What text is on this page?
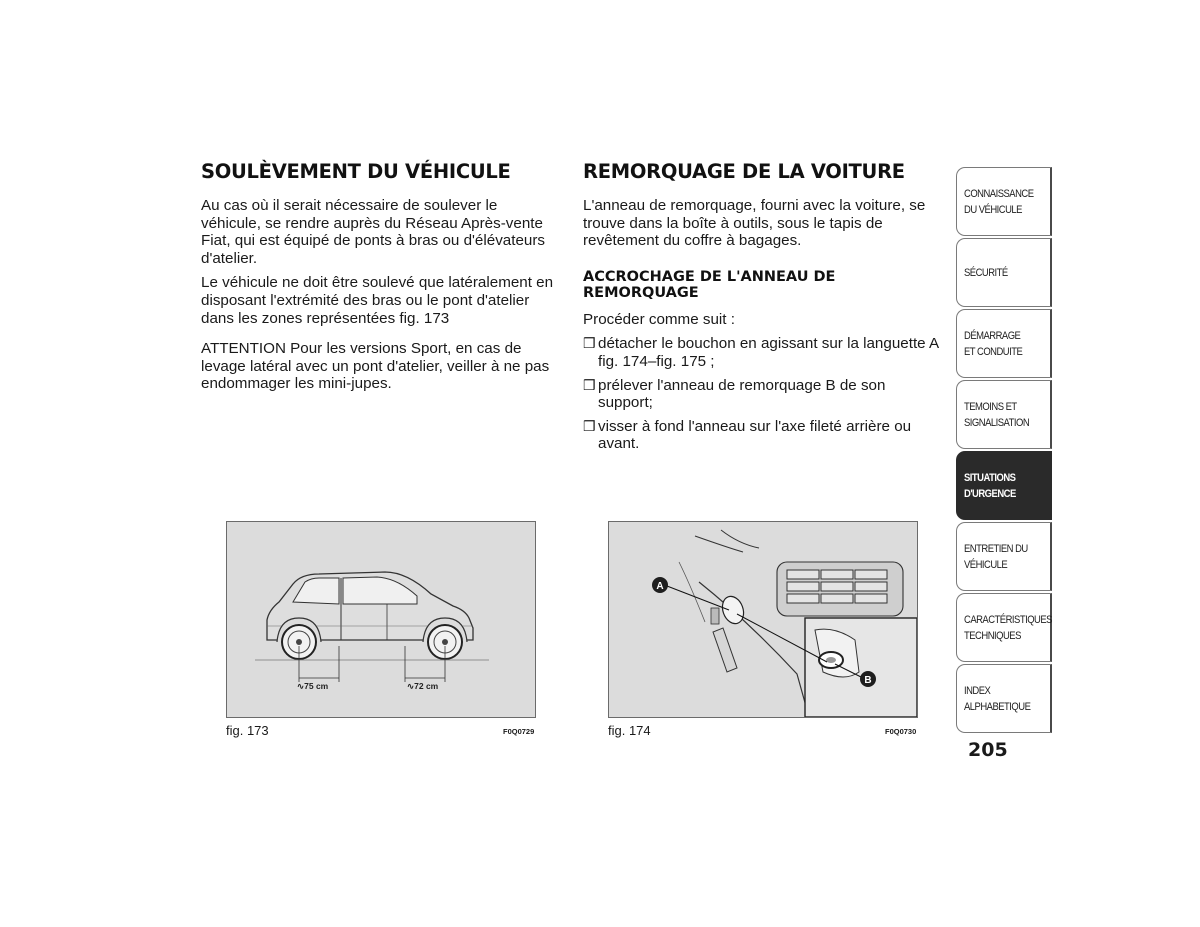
SOULÈVEMENT DU VÉHICULE

Au cas où il serait nécessaire de soulever le véhicule, se rendre auprès du Réseau Après-vente Fiat, qui est équipé de ponts à bras ou d'élévateurs d'atelier.

Le véhicule ne doit être soulevé que latéralement en disposant l'extrémité des bras ou le pont d'atelier dans les zones représentées fig. 173

ATTENTION Pour les versions Sport, en cas de levage latéral avec un pont d'atelier, veiller à ne pas endommager les mini-jupes.

REMORQUAGE DE LA VOITURE

L'anneau de remorquage, fourni avec la voiture, se trouve dans la boîte à outils, sous le tapis de revêtement du coffre à bagages.

ACCROCHAGE DE L'ANNEAU DE REMORQUAGE

Procéder comme suit :

❒ détacher le bouchon en agissant sur la languette A fig. 174–fig. 175 ;
❒ prélever l'anneau de remorquage B de son support;
❒ visser à fond l'anneau sur l'axe fileté arrière ou avant.
∿75 cm	∿72 cm
fig. 173	F0Q0729
A
B
fig. 174	F0Q0730
CONNAISSANCE DU VÉHICULE
SÉCURITÉ
DÉMARRAGE ET CONDUITE
TEMOINS ET SIGNALISATION
SITUATIONS D'URGENCE
ENTRETIEN DU VÉHICULE
CARACTÉRISTIQUES TECHNIQUES
INDEX ALPHABETIQUE
205
